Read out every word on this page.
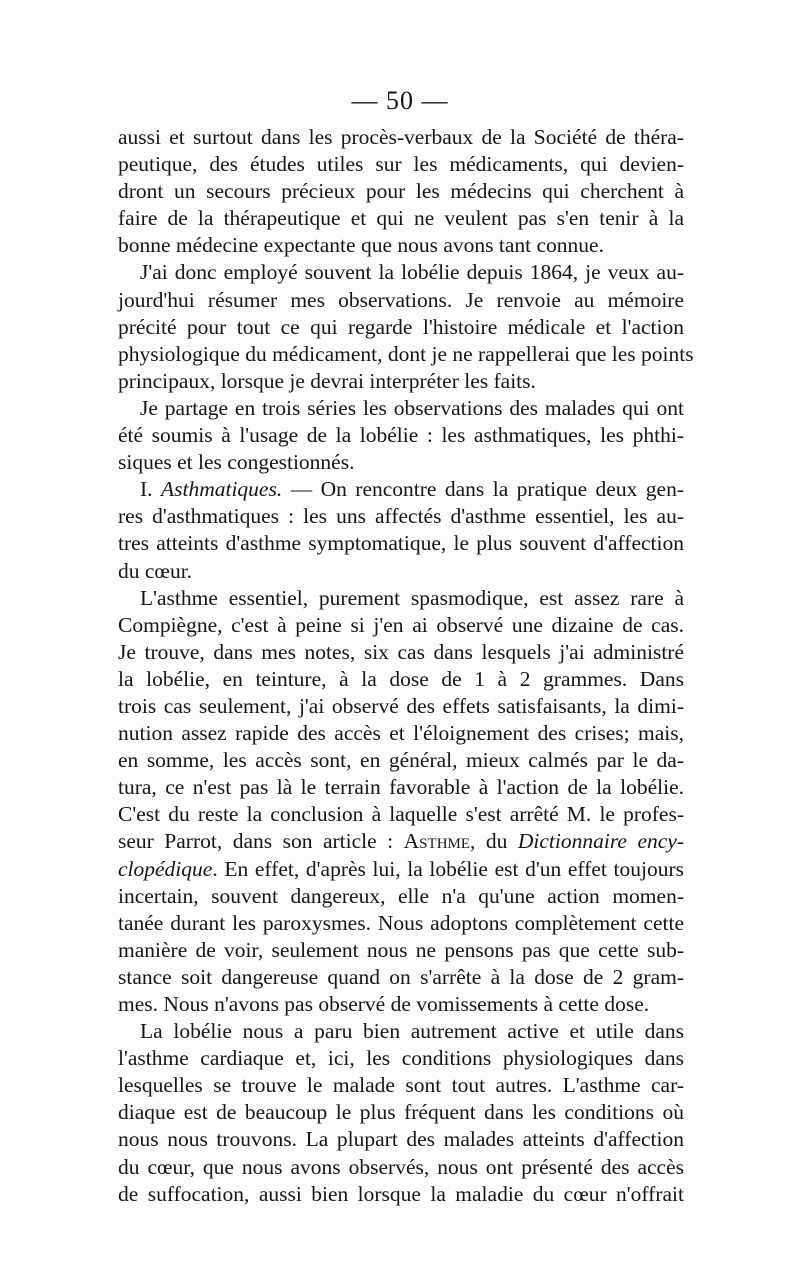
— 50 —
aussi et surtout dans les procès-verbaux de la Société de théra-
peutique, des études utiles sur les médicaments, qui devien-
dront un secours précieux pour les médecins qui cherchent à
faire de la thérapeutique et qui ne veulent pas s'en tenir à la
bonne médecine expectante que nous avons tant connue.
J'ai donc employé souvent la lobélie depuis 1864, je veux au-
jourd'hui résumer mes observations. Je renvoie au mémoire
précité pour tout ce qui regarde l'histoire médicale et l'action
physiologique du médicament, dont je ne rappellerai que les points
principaux, lorsque je devrai interpréter les faits.
Je partage en trois séries les observations des malades qui ont
été soumis à l'usage de la lobélie : les asthmatiques, les phthi-
siques et les congestionnés.
I. Asthmatiques. — On rencontre dans la pratique deux gen-
res d'asthmatiques : les uns affectés d'asthme essentiel, les au-
tres atteints d'asthme symptomatique, le plus souvent d'affection
du cœur.
L'asthme essentiel, purement spasmodique, est assez rare à
Compiègne, c'est à peine si j'en ai observé une dizaine de cas.
Je trouve, dans mes notes, six cas dans lesquels j'ai administré
la lobélie, en teinture, à la dose de 1 à 2 grammes. Dans
trois cas seulement, j'ai observé des effets satisfaisants, la dimi-
nution assez rapide des accès et l'éloignement des crises; mais,
en somme, les accès sont, en général, mieux calmés par le da-
tura, ce n'est pas là le terrain favorable à l'action de la lobélie.
C'est du reste la conclusion à laquelle s'est arrêté M. le profes-
seur Parrot, dans son article : Asthme, du Dictionnaire ency-
clopédique. En effet, d'après lui, la lobélie est d'un effet toujours
incertain, souvent dangereux, elle n'a qu'une action momen-
tanée durant les paroxysmes. Nous adoptons complètement cette
manière de voir, seulement nous ne pensons pas que cette sub-
stance soit dangereuse quand on s'arrête à la dose de 2 gram-
mes. Nous n'avons pas observé de vomissements à cette dose.
La lobélie nous a paru bien autrement active et utile dans
l'asthme cardiaque et, ici, les conditions physiologiques dans
lesquelles se trouve le malade sont tout autres. L'asthme car-
diaque est de beaucoup le plus fréquent dans les conditions où
nous nous trouvons. La plupart des malades atteints d'affection
du cœur, que nous avons observés, nous ont présenté des accès
de suffocation, aussi bien lorsque la maladie du cœur n'offrait
